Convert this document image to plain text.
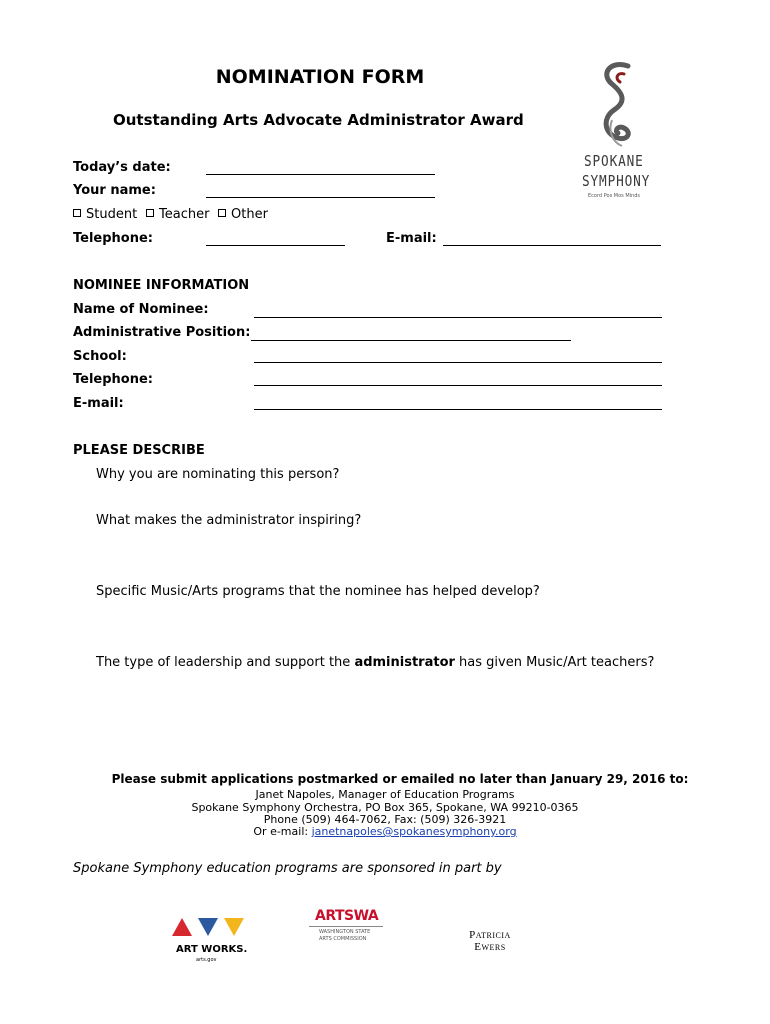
NOMINATION FORM
Outstanding Arts Advocate Administrator Award
SPOKANE
SYMPHONY
Ecord Pos Mos Minds
Today’s date:
Your name:
Student	Teacher	Other
Telephone:	E-mail:
NOMINEE INFORMATION
Name of Nominee:
Administrative Position:
School:
Telephone:
E-mail:
PLEASE DESCRIBE
Why you are nominating this person?
What makes the administrator inspiring?
Specific Music/Arts programs that the nominee has helped develop?
The type of leadership and support the administrator has given Music/Art teachers?
Please submit applications postmarked or emailed no later than January 29, 2016 to:
Janet Napoles, Manager of Education Programs
Spokane Symphony Orchestra, PO Box 365, Spokane, WA 99210-0365
Phone (509) 464-7062, Fax: (509) 326-3921
Or e-mail: janetnapoles@spokanesymphony.org
Spokane Symphony education programs are sponsored in part by
ART WORKS.
arts.gov
ARTSWA
WASHINGTON STATE
ARTS COMMISSION	Patricia
Ewers
